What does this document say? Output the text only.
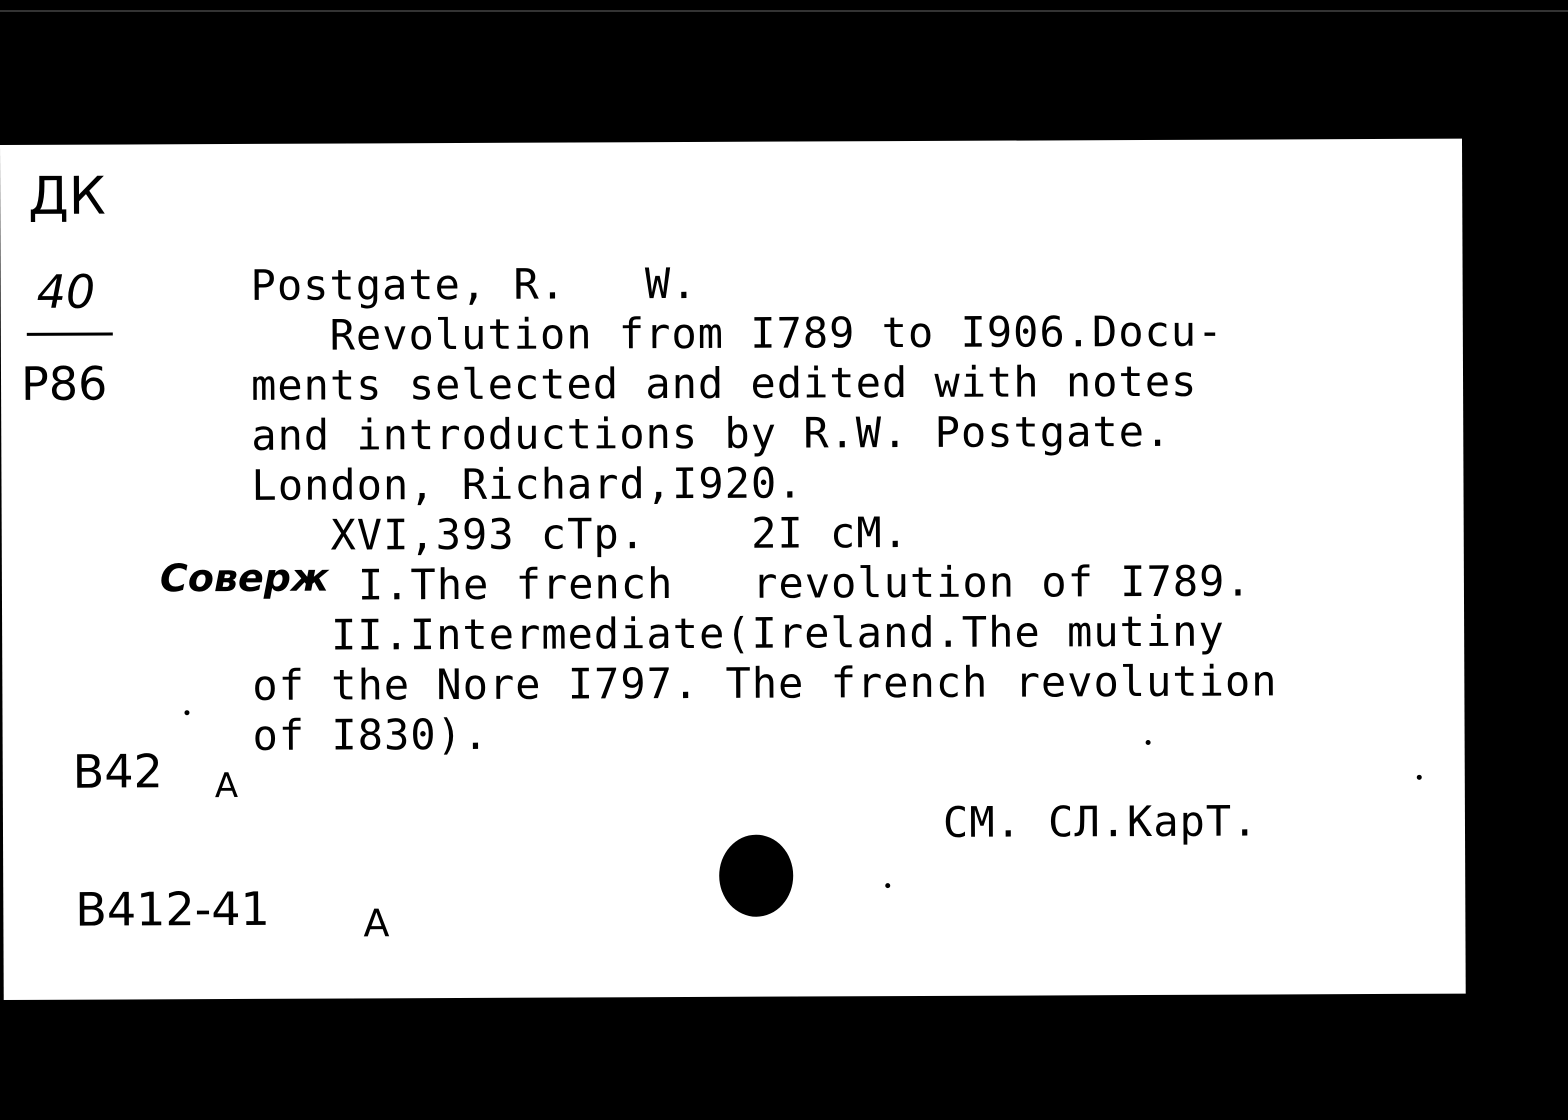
ДК
40
P86
Postgate, R.   W.
Revolution from I789 to I906.Docu-
ments selected and edited with notes
and introductions by R.W. Postgate.
London, Richard,I920.
XVI,393 cTp.    2I cM.
Соверж I.The french   revolution of I789.
II.Intermediate(Ireland.The mutiny
of the Nore I797. The french revolution
of I830).
B42 А
B412-41 А
CM. CЛ.KapT.
